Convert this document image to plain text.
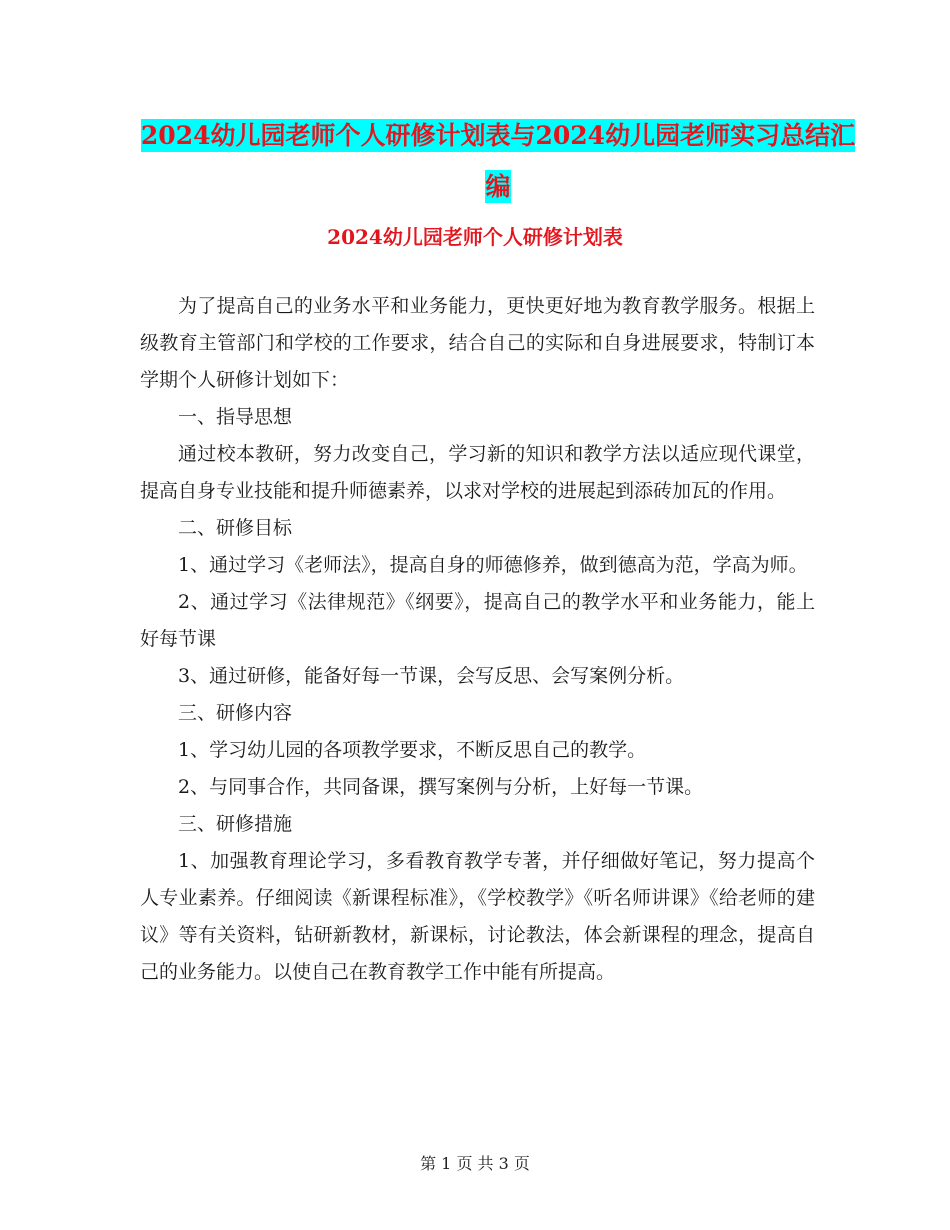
2024幼儿园老师个人研修计划表与2024幼儿园老师实习总结汇编
2024幼儿园老师个人研修计划表

为了提高自己的业务水平和业务能力，更快更好地为教育教学服务。根据上级教育主管部门和学校的工作要求，结合自己的实际和自身进展要求，特制订本学期个人研修计划如下：

一、指导思想

通过校本教研，努力改变自己，学习新的知识和教学方法以适应现代课堂，提高自身专业技能和提升师德素养，以求对学校的进展起到添砖加瓦的作用。

二、研修目标

1、通过学习《老师法》，提高自身的师德修养，做到德高为范，学高为师。

2、通过学习《法律规范》《纲要》，提高自己的教学水平和业务能力，能上好每节课

3、通过研修，能备好每一节课，会写反思、会写案例分析。

三、研修内容

1、学习幼儿园的各项教学要求，不断反思自己的教学。

2、与同事合作，共同备课，撰写案例与分析，上好每一节课。

三、研修措施

1、加强教育理论学习，多看教育教学专著，并仔细做好笔记，努力提高个人专业素养。仔细阅读《新课程标准》，《学校教学》《听名师讲课》《给老师的建议》等有关资料，钻研新教材，新课标，讨论教法，体会新课程的理念，提高自己的业务能力。以使自己在教育教学工作中能有所提高。

第 1 页 共 3 页
